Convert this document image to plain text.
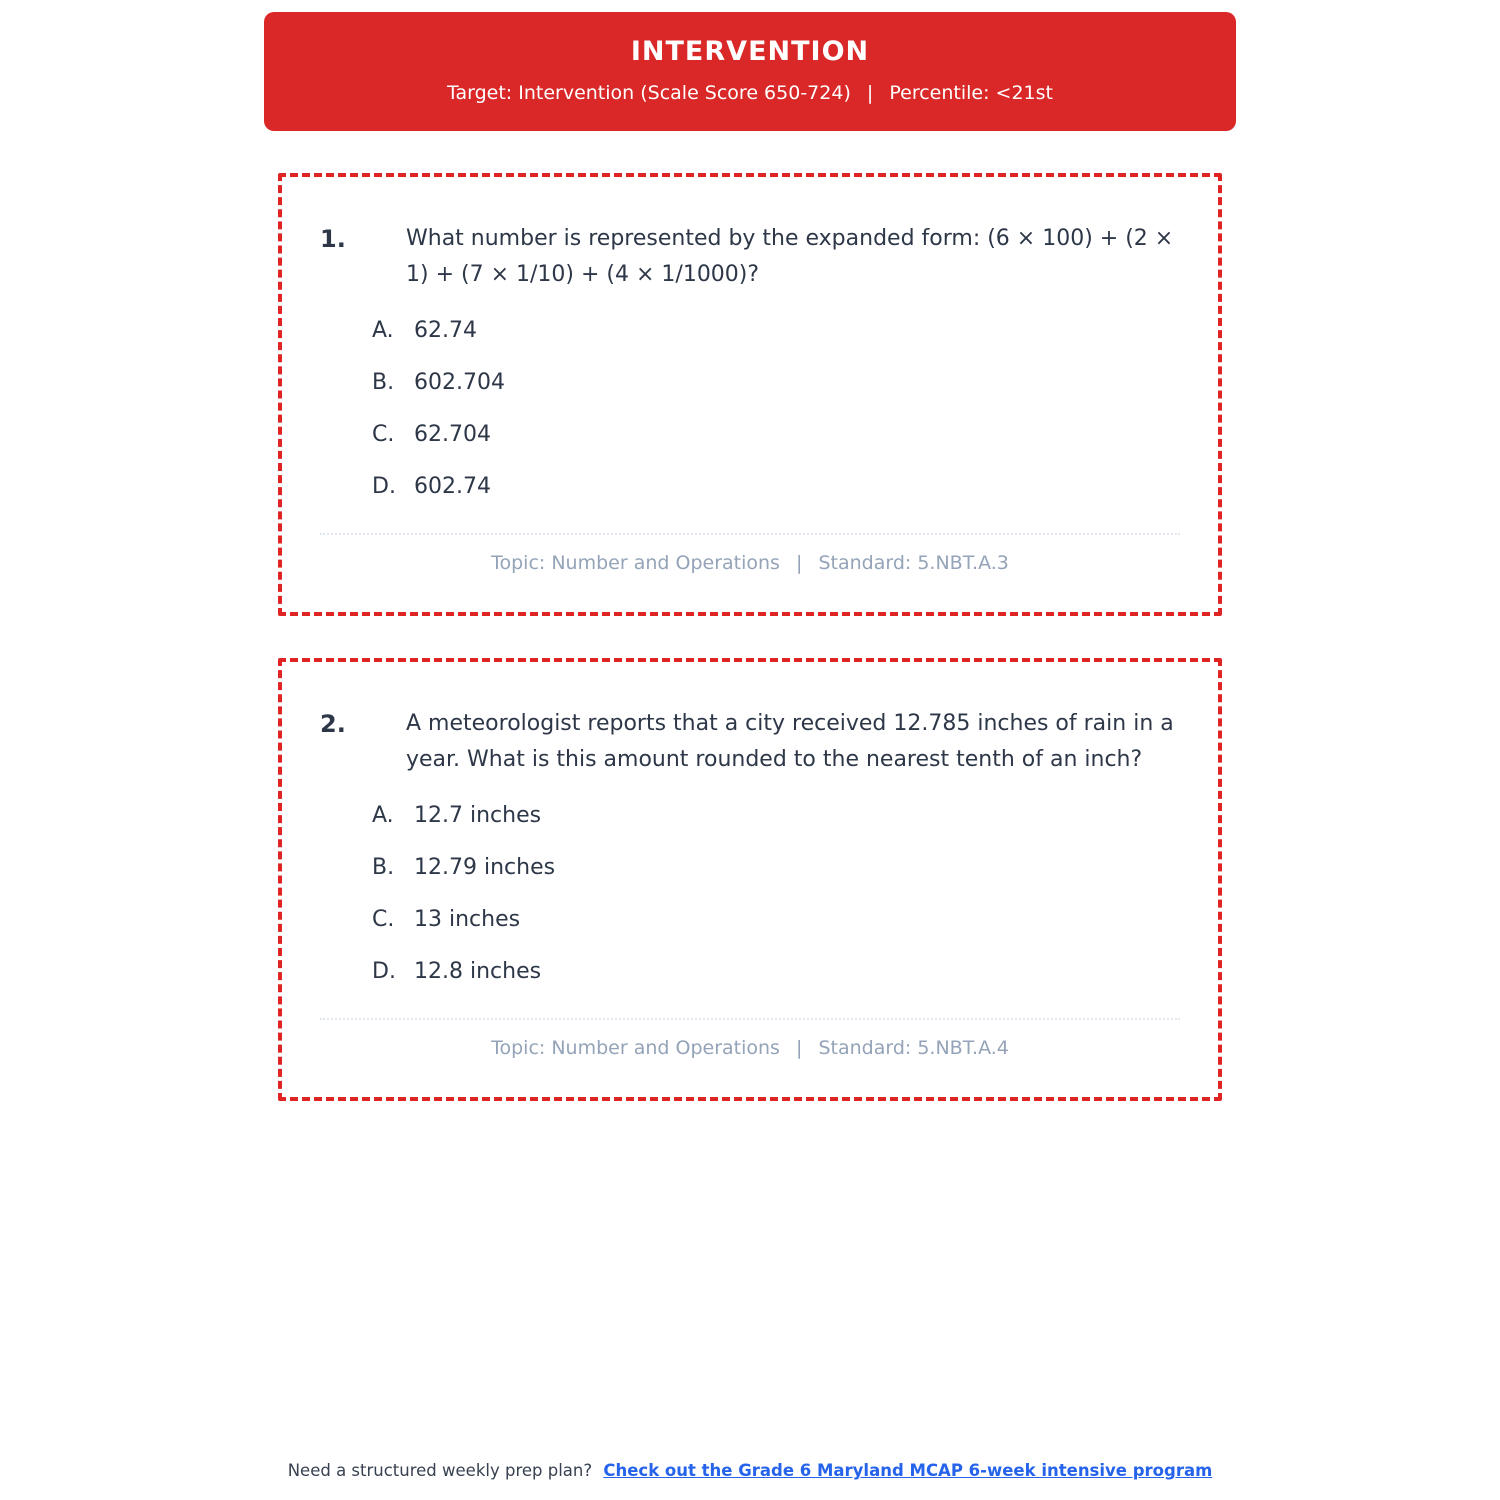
INTERVENTION
Target: Intervention (Scale Score 650-724) | Percentile: <21st
1.	What number is represented by the expanded form: (6 × 100) + (2 × 1) + (7 × 1/10) + (4 × 1/1000)?

A. 62.74
B. 602.704
C. 62.704
D. 602.74
Topic: Number and Operations | Standard: 5.NBT.A.3
2.	A meteorologist reports that a city received 12.785 inches of rain in a year. What is this amount rounded to the nearest tenth of an inch?

A. 12.7 inches
B. 12.79 inches
C. 13 inches
D. 12.8 inches
Topic: Number and Operations | Standard: 5.NBT.A.4
Need a structured weekly prep plan? Check out the Grade 6 Maryland MCAP 6-week intensive program
